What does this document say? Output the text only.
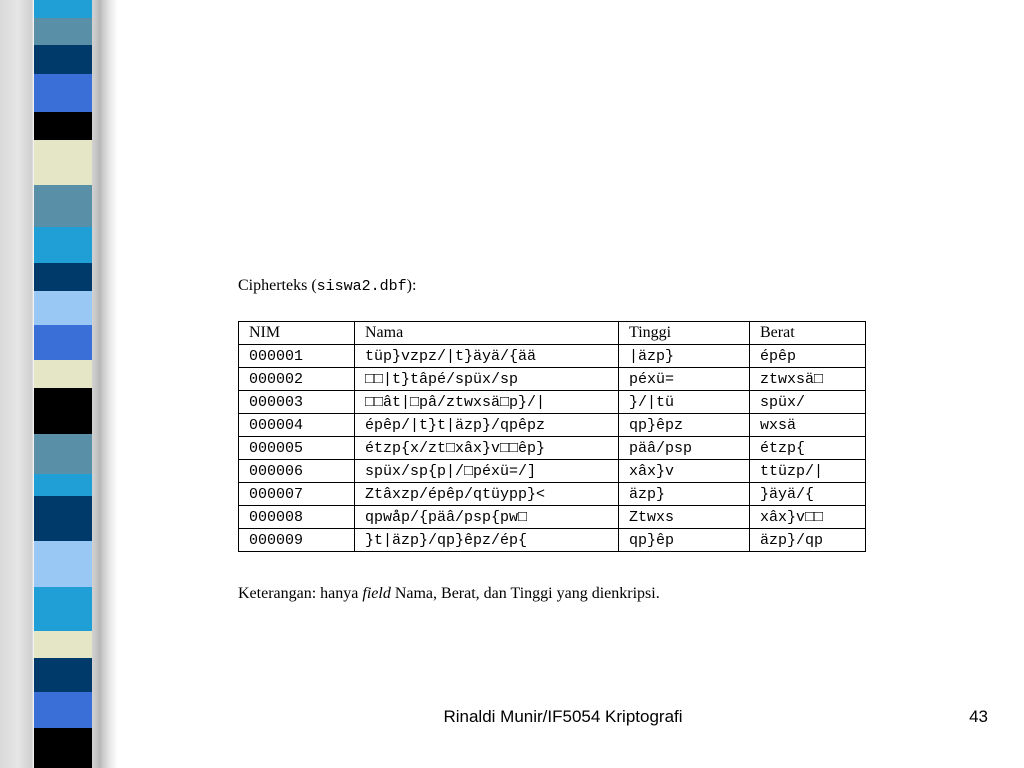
Cipherteks (siswa2.dbf):
NIM	Nama	Tinggi	Berat
000001	tüp}vzpz/|t}äyä/{ää	|äzp}	épêp
000002	□□|t}tâpé/spüx/sp	péxü=	ztwxsä□
000003	□□ât|□pâ/ztwxsä□p}/|	}/|tü	spüx/
000004	épêp/|t}t|äzp}/qpêpz	qp}êpz	wxsä
000005	étzp{x/zt□xâx}v□□êp}	päâ/psp	étzp{
000006	spüx/sp{p|/□péxü=/]	xâx}v	ttüzp/|
000007	Ztâxzp/épêp/qtüypp}<	äzp}	}äyä/{
000008	qpwåp/{päâ/psp{pw□	Ztwxs	xâx}v□□
000009	}t|äzp}/qp}êpz/ép{	qp}êp	äzp}/qp
Keterangan: hanya field Nama, Berat, dan Tinggi yang dienkripsi.
Rinaldi Munir/IF5054 Kriptografi	43
